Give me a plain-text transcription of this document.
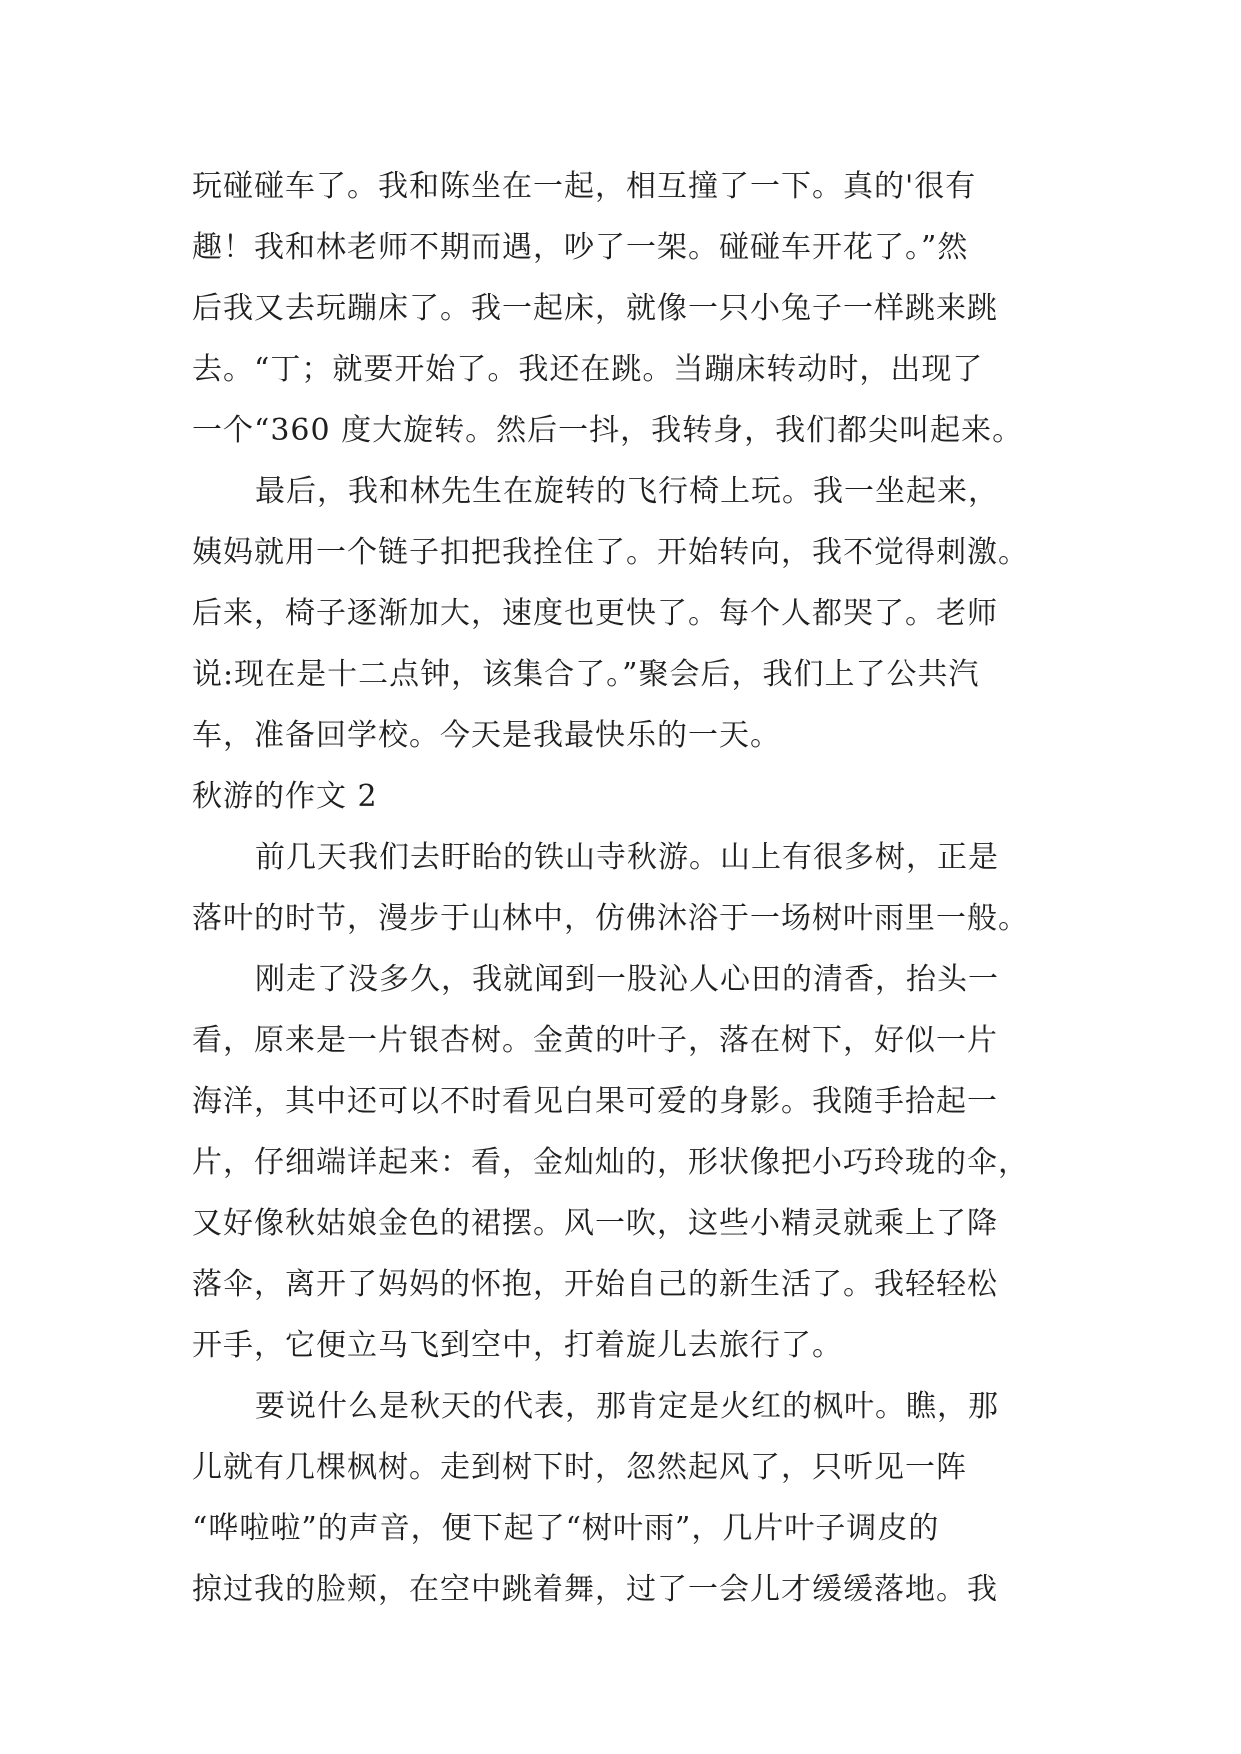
玩碰碰车了。我和陈坐在一起，相互撞了一下。真的'很有
趣！我和林老师不期而遇，吵了一架。碰碰车开花了。”然
后我又去玩蹦床了。我一起床，就像一只小兔子一样跳来跳
去。“丁；就要开始了。我还在跳。当蹦床转动时，出现了
一个“360 度大旋转。然后一抖，我转身，我们都尖叫起来。
最后，我和林先生在旋转的飞行椅上玩。我一坐起来，
姨妈就用一个链子扣把我拴住了。开始转向，我不觉得刺激。
后来，椅子逐渐加大，速度也更快了。每个人都哭了。老师
说:现在是十二点钟，该集合了。”聚会后，我们上了公共汽
车，准备回学校。今天是我最快乐的一天。
秋游的作文 2
前几天我们去盱眙的铁山寺秋游。山上有很多树，正是
落叶的时节，漫步于山林中，仿佛沐浴于一场树叶雨里一般。
刚走了没多久，我就闻到一股沁人心田的清香，抬头一
看，原来是一片银杏树。金黄的叶子，落在树下，好似一片
海洋，其中还可以不时看见白果可爱的身影。我随手拾起一
片，仔细端详起来：看，金灿灿的，形状像把小巧玲珑的伞，
又好像秋姑娘金色的裙摆。风一吹，这些小精灵就乘上了降
落伞，离开了妈妈的怀抱，开始自己的新生活了。我轻轻松
开手，它便立马飞到空中，打着旋儿去旅行了。
要说什么是秋天的代表，那肯定是火红的枫叶。瞧，那
儿就有几棵枫树。走到树下时，忽然起风了，只听见一阵
“哗啦啦”的声音，便下起了“树叶雨”，几片叶子调皮的
掠过我的脸颊，在空中跳着舞，过了一会儿才缓缓落地。我
